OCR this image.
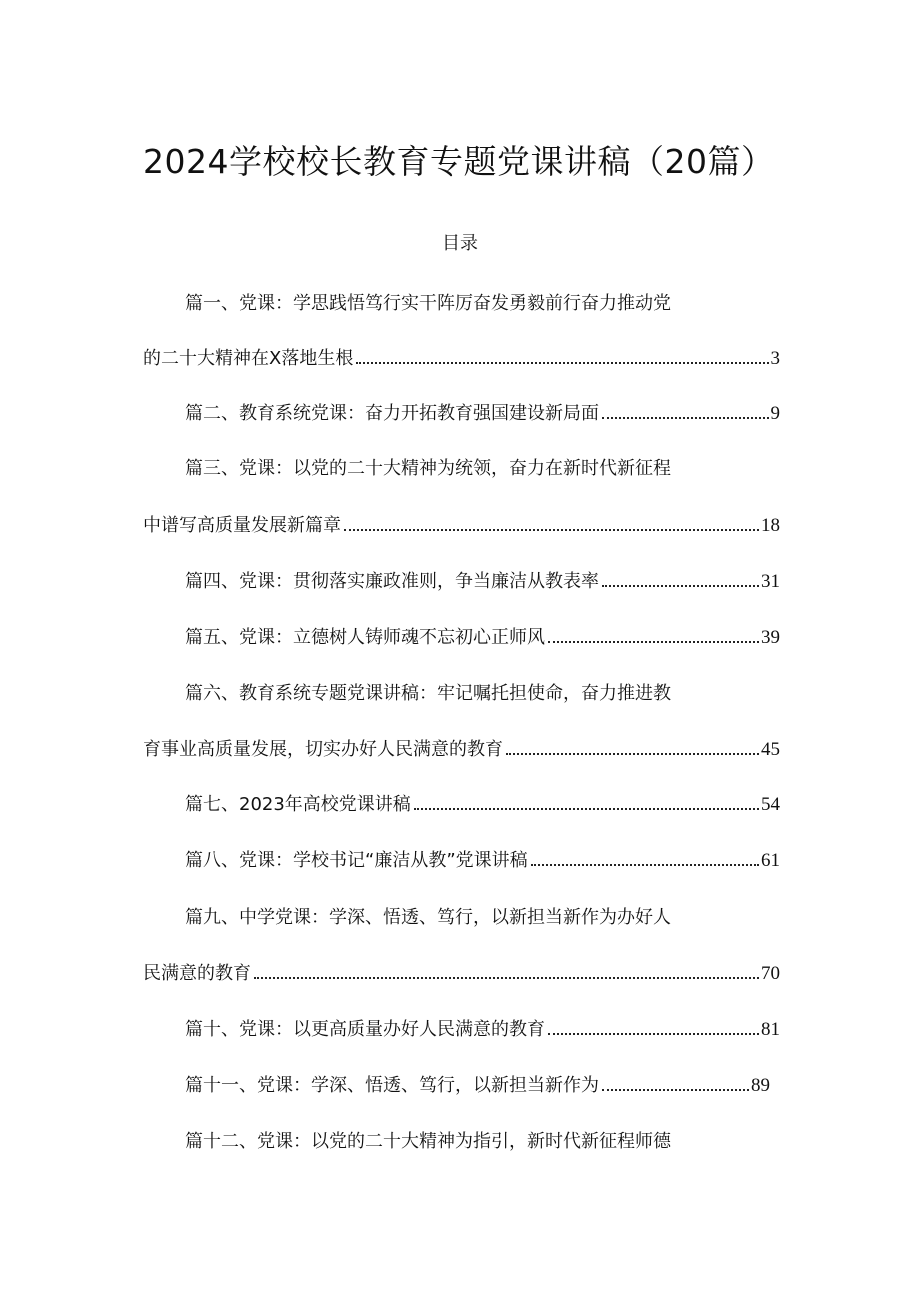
2024学校校长教育专题党课讲稿（20篇）
目录
篇一、党课：学思践悟笃行实干阵厉奋发勇毅前行奋力推动党
的二十大精神在X落地生根	3
篇二、教育系统党课：奋力开拓教育强国建设新局面	9
篇三、党课：以党的二十大精神为统领，奋力在新时代新征程
中谱写高质量发展新篇章	18
篇四、党课：贯彻落实廉政准则，争当廉洁从教表率	31
篇五、党课：立德树人铸师魂不忘初心正师风	39
篇六、教育系统专题党课讲稿：牢记嘱托担使命，奋力推进教
育事业高质量发展，切实办好人民满意的教育	45
篇七、2023年高校党课讲稿	54
篇八、党课：学校书记“廉洁从教”党课讲稿	61
篇九、中学党课：学深、悟透、笃行，以新担当新作为办好人
民满意的教育	70
篇十、党课：以更高质量办好人民满意的教育	81
篇十一、党课：学深、悟透、笃行，以新担当新作为	89
篇十二、党课：以党的二十大精神为指引，新时代新征程师德
